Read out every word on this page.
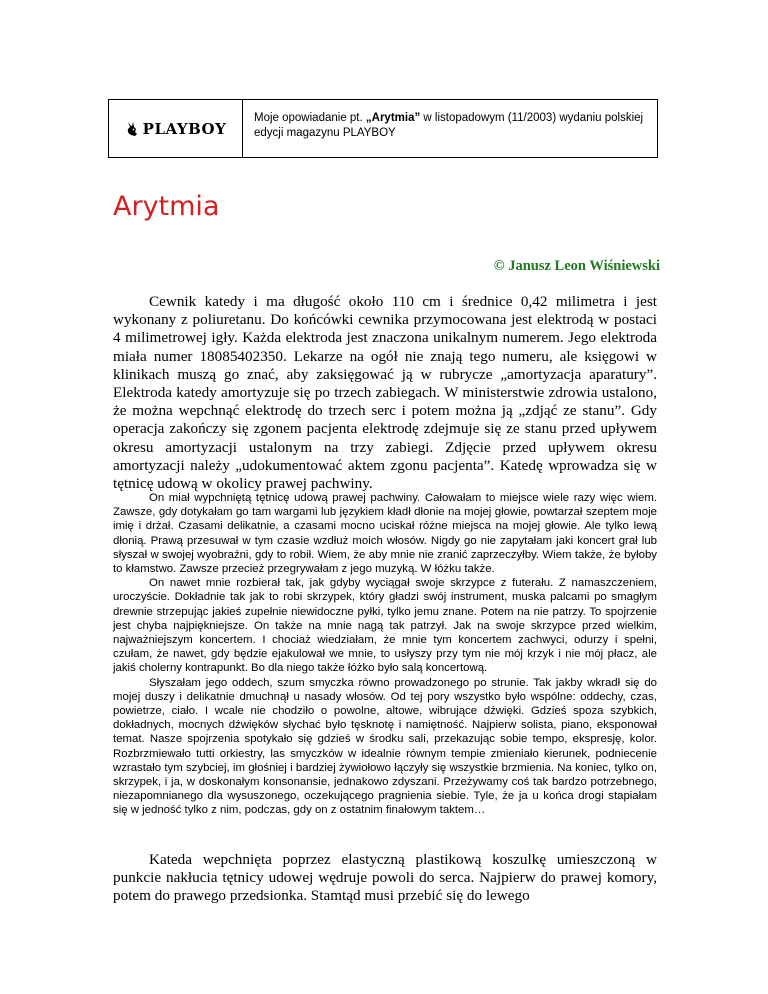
PLAYBOY
Moje opowiadanie pt. „Arytmia” w listopadowym (11/2003) wydaniu polskiej edycji magazynu PLAYBOY
Arytmia
© Janusz Leon Wiśniewski

Cewnik katedy i ma długość około 110 cm i średnice 0,42 milimetra i jest wykonany z poliuretanu. Do końcówki cewnika przymocowana jest elektrodą w postaci 4 milimetrowej igły. Każda elektroda jest znaczona unikalnym numerem. Jego elektroda miała numer 18085402350. Lekarze na ogół nie znają tego numeru, ale księgowi w klinikach muszą go znać, aby zaksięgować ją w rubrycze „amortyzacja aparatury”. Elektroda katedy amortyzuje się po trzech zabiegach. W ministerstwie zdrowia ustalono, że można wepchnąć elektrodę do trzech serc i potem można ją „zdjąć ze stanu”. Gdy operacja zakończy się zgonem pacjenta elektrodę zdejmuje się ze stanu przed upływem okresu amortyzacji ustalonym na trzy zabiegi. Zdjęcie przed upływem okresu amortyzacji należy „udokumentować aktem zgonu pacjenta”. Katedę wprowadza się w tętnicę udową w okolicy prawej pachwiny.

On miał wypchniętą tętnicę udową prawej pachwiny. Całowałam to miejsce wiele razy więc wiem. Zawsze, gdy dotykałam go tam wargami lub językiem kładł dłonie na mojej głowie, powtarzał szeptem moje imię i drżał. Czasami delikatnie, a czasami mocno uciskał różne miejsca na mojej głowie. Ale tylko lewą dłonią. Prawą przesuwał w tym czasie wzdłuż moich włosów. Nigdy go nie zapytałam jaki koncert grał lub słyszał w swojej wyobraźni, gdy to robił. Wiem, że aby mnie nie zranić zaprzeczyłby. Wiem także, że byłoby to kłamstwo. Zawsze przecież przegrywałam z jego muzyką. W łóżku także.

On nawet mnie rozbierał tak, jak gdyby wyciągał swoje skrzypce z futerału. Z namaszczeniem, uroczyście. Dokładnie tak jak to robi skrzypek, który gładzi swój instrument, muska palcami po smagłym drewnie strzepując jakieś zupełnie niewidoczne pyłki, tylko jemu znane. Potem na nie patrzy. To spojrzenie jest chyba najpiękniejsze. On także na mnie nagą tak patrzył. Jak na swoje skrzypce przed wielkim, najważniejszym koncertem. I chociaż wiedziałam, że mnie tym koncertem zachwyci, odurzy i spełni, czułam, że nawet, gdy będzie ejakulował we mnie, to usłyszy przy tym nie mój krzyk i nie mój płacz, ale jakiś cholerny kontrapunkt. Bo dla niego także łóżko było salą koncertową.

Słyszałam jego oddech, szum smyczka równo prowadzonego po strunie. Tak jakby wkradł się do mojej duszy i delikatnie dmuchnął u nasady włosów. Od tej pory wszystko było wspólne: oddechy, czas, powietrze, ciało. I wcale nie chodziło o powolne, altowe, wibrujące dźwięki. Gdzieś spoza szybkich, dokładnych, mocnych dźwięków słychać było tęsknotę i namiętność. Najpierw solista, piano, eksponował temat. Nasze spojrzenia spotykało się gdzieś w środku sali, przekazując sobie tempo, ekspresję, kolor. Rozbrzmiewało tutti orkiestry, las smyczków w idealnie równym tempie zmieniało kierunek, podniecenie wzrastało tym szybciej, im głośniej i bardziej żywiołowo łączyły się wszystkie brzmienia. Na koniec, tylko on, skrzypek, i ja, w doskonałym konsonansie, jednakowo zdyszani. Przeżywamy coś tak bardzo potrzebnego, niezapomnianego dla wysuszonego, oczekującego pragnienia siebie. Tyle, że ja u końca drogi stapiałam się w jedność tylko z nim, podczas, gdy on z ostatnim finałowym taktem…

Kateda wepchnięta poprzez elastyczną plastikową koszulkę umieszczoną w punkcie nakłucia tętnicy udowej wędruje powoli do serca. Najpierw do prawej komory, potem do prawego przedsionka. Stamtąd musi przebić się do lewego
